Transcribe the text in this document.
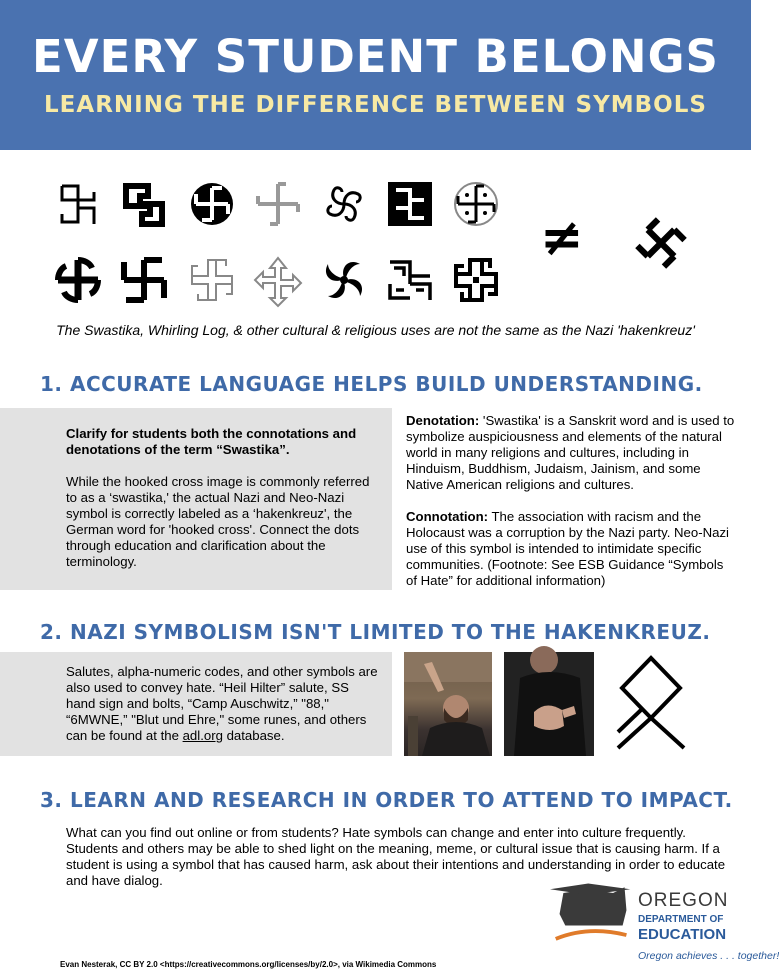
EVERY STUDENT BELONGS
LEARNING THE DIFFERENCE BETWEEN SYMBOLS
≠
The Swastika, Whirling Log, & other cultural & religious uses are not the same as the Nazi 'hakenkreuz'
1. ACCURATE LANGUAGE HELPS BUILD UNDERSTANDING.

Clarify for students both the connotations and denotations of the term “Swastika”.

While the hooked cross image is commonly referred to as a ‘swastika,' the actual Nazi and Neo-Nazi symbol is correctly labeled as a ‘hakenkreuz', the German word for 'hooked cross'. Connect the dots through education and clarification about the terminology.

Denotation: 'Swastika' is a Sanskrit word and is used to symbolize auspiciousness and elements of the natural world in many religions and cultures, including in Hinduism, Buddhism, Judaism, Jainism, and some Native American religions and cultures.

Connotation: The association with racism and the Holocaust was a corruption by the Nazi party. Neo-Nazi use of this symbol is intended to intimidate specific communities. (Footnote: See ESB Guidance “Symbols of Hate” for additional information)

2. NAZI SYMBOLISM ISN'T LIMITED TO THE HAKENKREUZ.

Salutes, alpha-numeric codes, and other symbols are also used to convey hate. “Heil Hilter” salute, SS hand sign and bolts, “Camp Auschwitz,” "88," “6MWNE,” "Blut und Ehre," some runes, and others can be found at the adl.org database.

3. LEARN AND RESEARCH IN ORDER TO ATTEND TO IMPACT.
What can you find out online or from students? Hate symbols can change and enter into culture frequently. Students and others may be able to shed light on the meaning, meme, or cultural issue that is causing harm. If a student is using a symbol that has caused harm, ask about their intentions and understanding in order to educate and have dialog.
OREGON
DEPARTMENT OF
EDUCATION
Oregon achieves . . . together!
Evan Nesterak, CC BY 2.0 <https://creativecommons.org/licenses/by/2.0>, via Wikimedia Commons
